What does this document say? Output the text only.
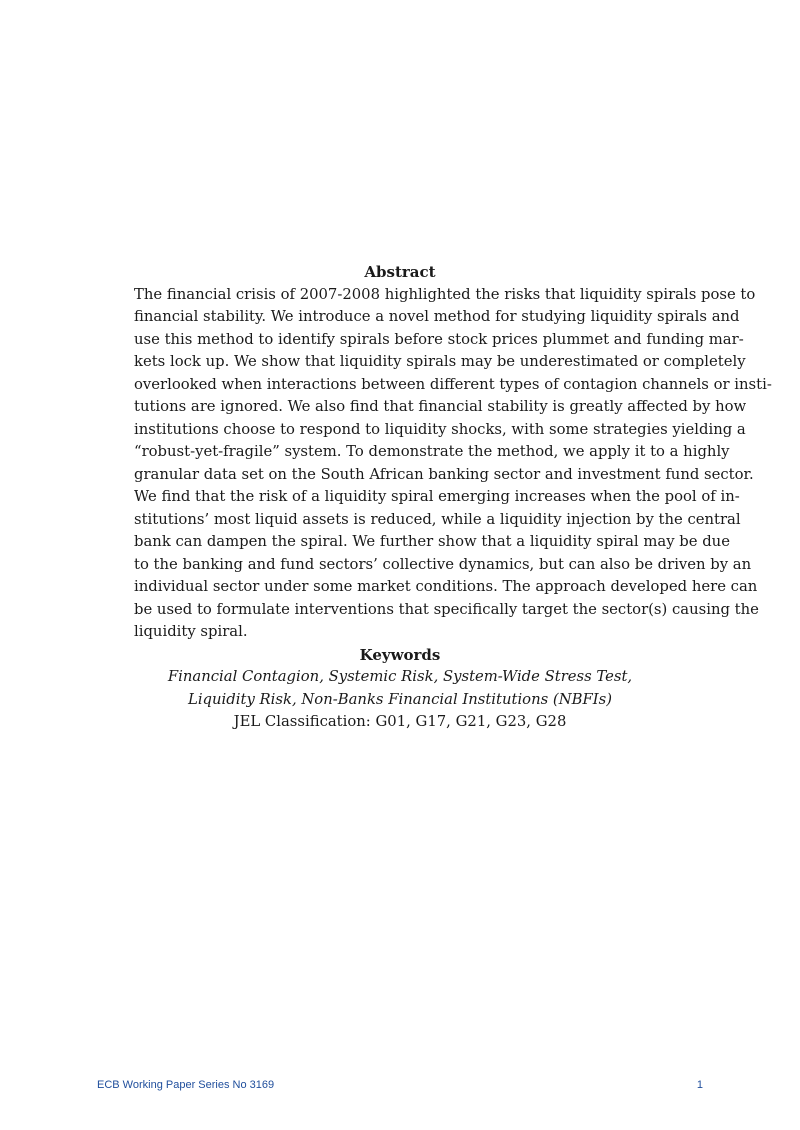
Abstract

The financial crisis of 2007-2008 highlighted the risks that liquidity spirals pose to
financial stability. We introduce a novel method for studying liquidity spirals and
use this method to identify spirals before stock prices plummet and funding mar-
kets lock up. We show that liquidity spirals may be underestimated or completely
overlooked when interactions between different types of contagion channels or insti-
tutions are ignored. We also find that financial stability is greatly affected by how
institutions choose to respond to liquidity shocks, with some strategies yielding a
“robust-yet-fragile” system. To demonstrate the method, we apply it to a highly
granular data set on the South African banking sector and investment fund sector.
We find that the risk of a liquidity spiral emerging increases when the pool of in-
stitutions’ most liquid assets is reduced, while a liquidity injection by the central
bank can dampen the spiral. We further show that a liquidity spiral may be due
to the banking and fund sectors’ collective dynamics, but can also be driven by an
individual sector under some market conditions. The approach developed here can
be used to formulate interventions that specifically target the sector(s) causing the
liquidity spiral.

Keywords

Financial Contagion, Systemic Risk, System-Wide Stress Test,

Liquidity Risk, Non-Banks Financial Institutions (NBFIs)

JEL Classification: G01, G17, G21, G23, G28

ECB Working Paper Series No 3169	1
